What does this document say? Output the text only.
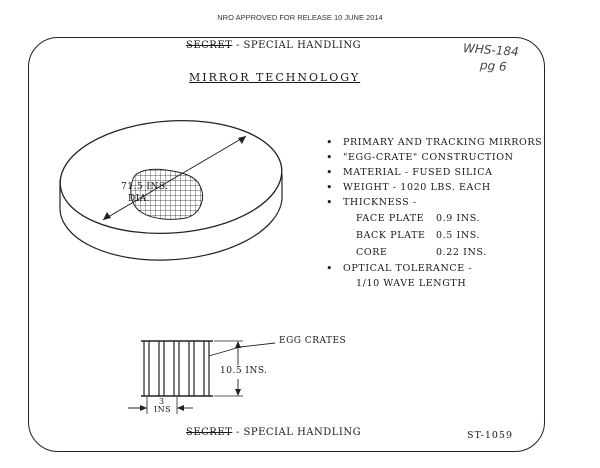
NRO APPROVED FOR RELEASE 10 JUNE 2014
SECRET - SPECIAL HANDLING
MIRROR TECHNOLOGY
WHS-184
pg 6
71.5 INS.
DIA.
• PRIMARY AND TRACKING MIRRORS
• "EGG-CRATE" CONSTRUCTION
• MATERIAL - FUSED SILICA
• WEIGHT - 1020 LBS. EACH
• THICKNESS -
FACE PLATE 0.9 INS.
BACK PLATE 0.5 INS.
CORE	0.22 INS.
• OPTICAL TOLERANCE -
1/10 WAVE LENGTH
EGG CRATES
10.5 INS.
3
INS
SECRET - SPECIAL HANDLING	ST-1059
